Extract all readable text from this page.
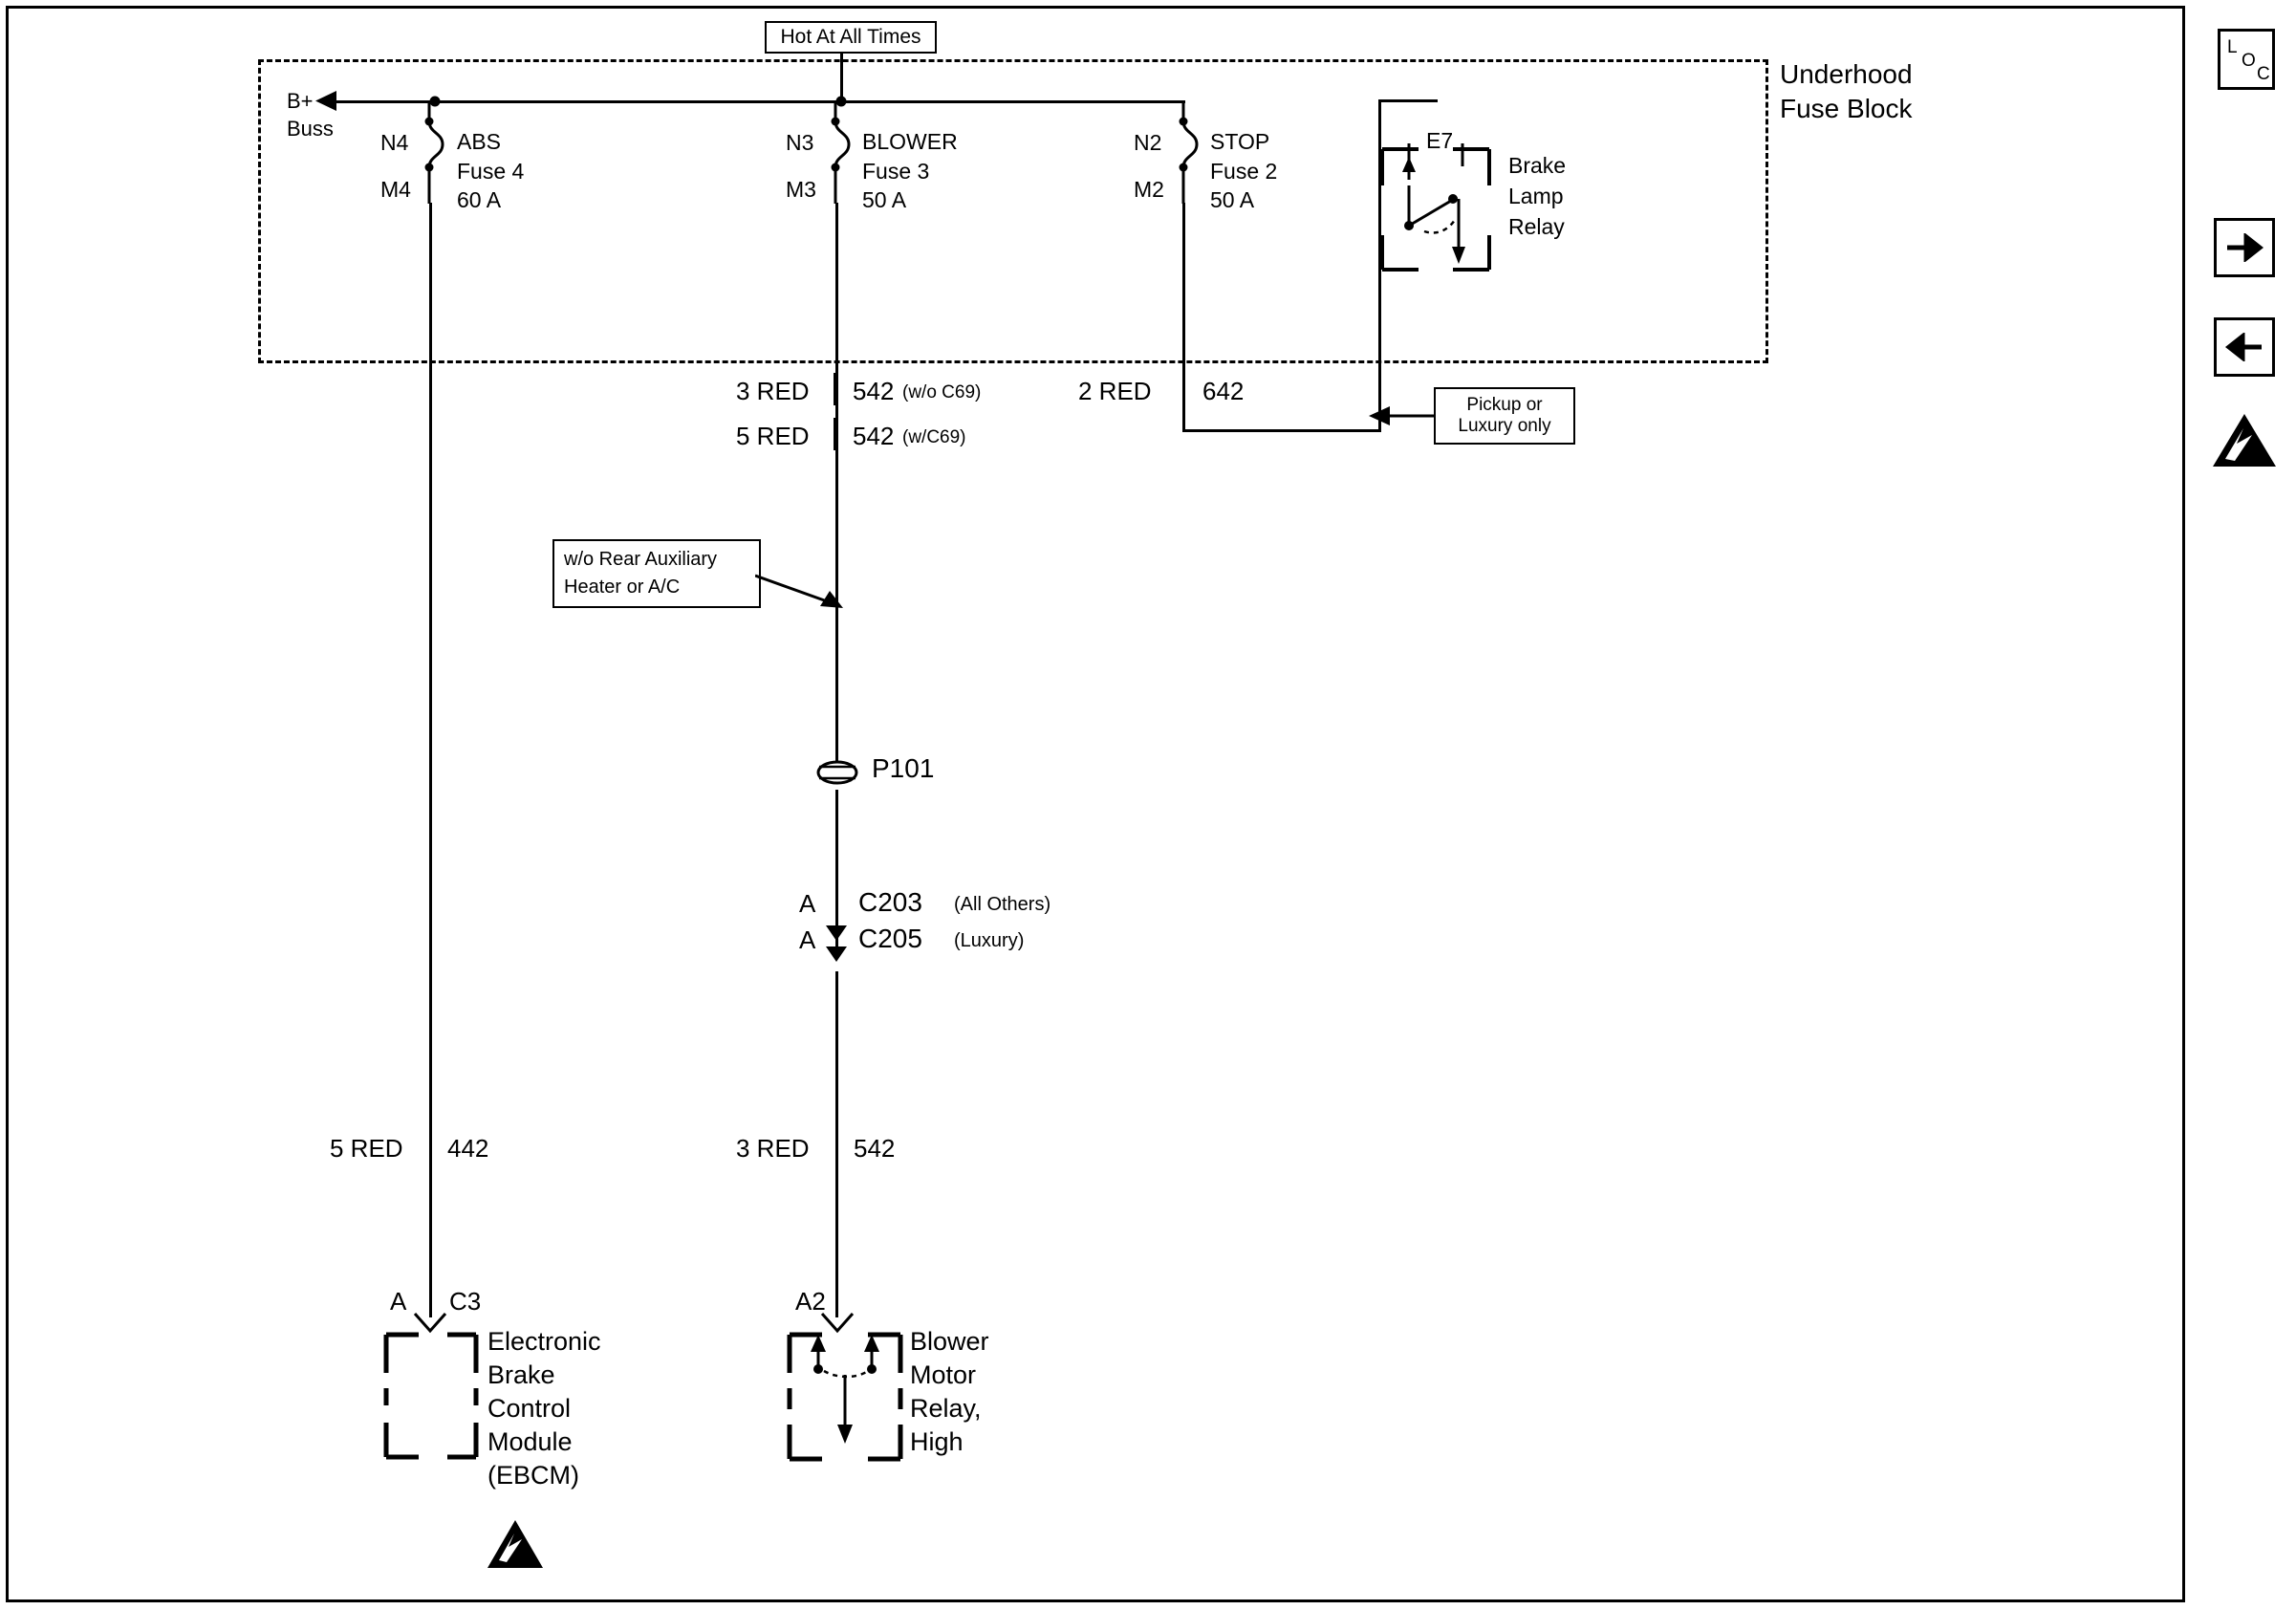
Hot At All Times
Underhood
Fuse Block
B+
Buss
N4
M4
ABS
Fuse 4
60 A
N3
M3
BLOWER
Fuse 3
50 A
N2
M2
STOP
Fuse 2
50 A
E7
Brake
Lamp
Relay
3 RED 542 (w/o C69)
5 RED 542 (w/C69)
2 RED 642	Pickup or
Luxury only
w/o Rear Auxiliary
Heater or A/C
P101
A C203 (All Others)
A C205 (Luxury)
5 RED 442	3 RED 542
A C3
Electronic
Brake
Control
Module
(EBCM)
A2
Blower
Motor
Relay,
High
L
O
C
